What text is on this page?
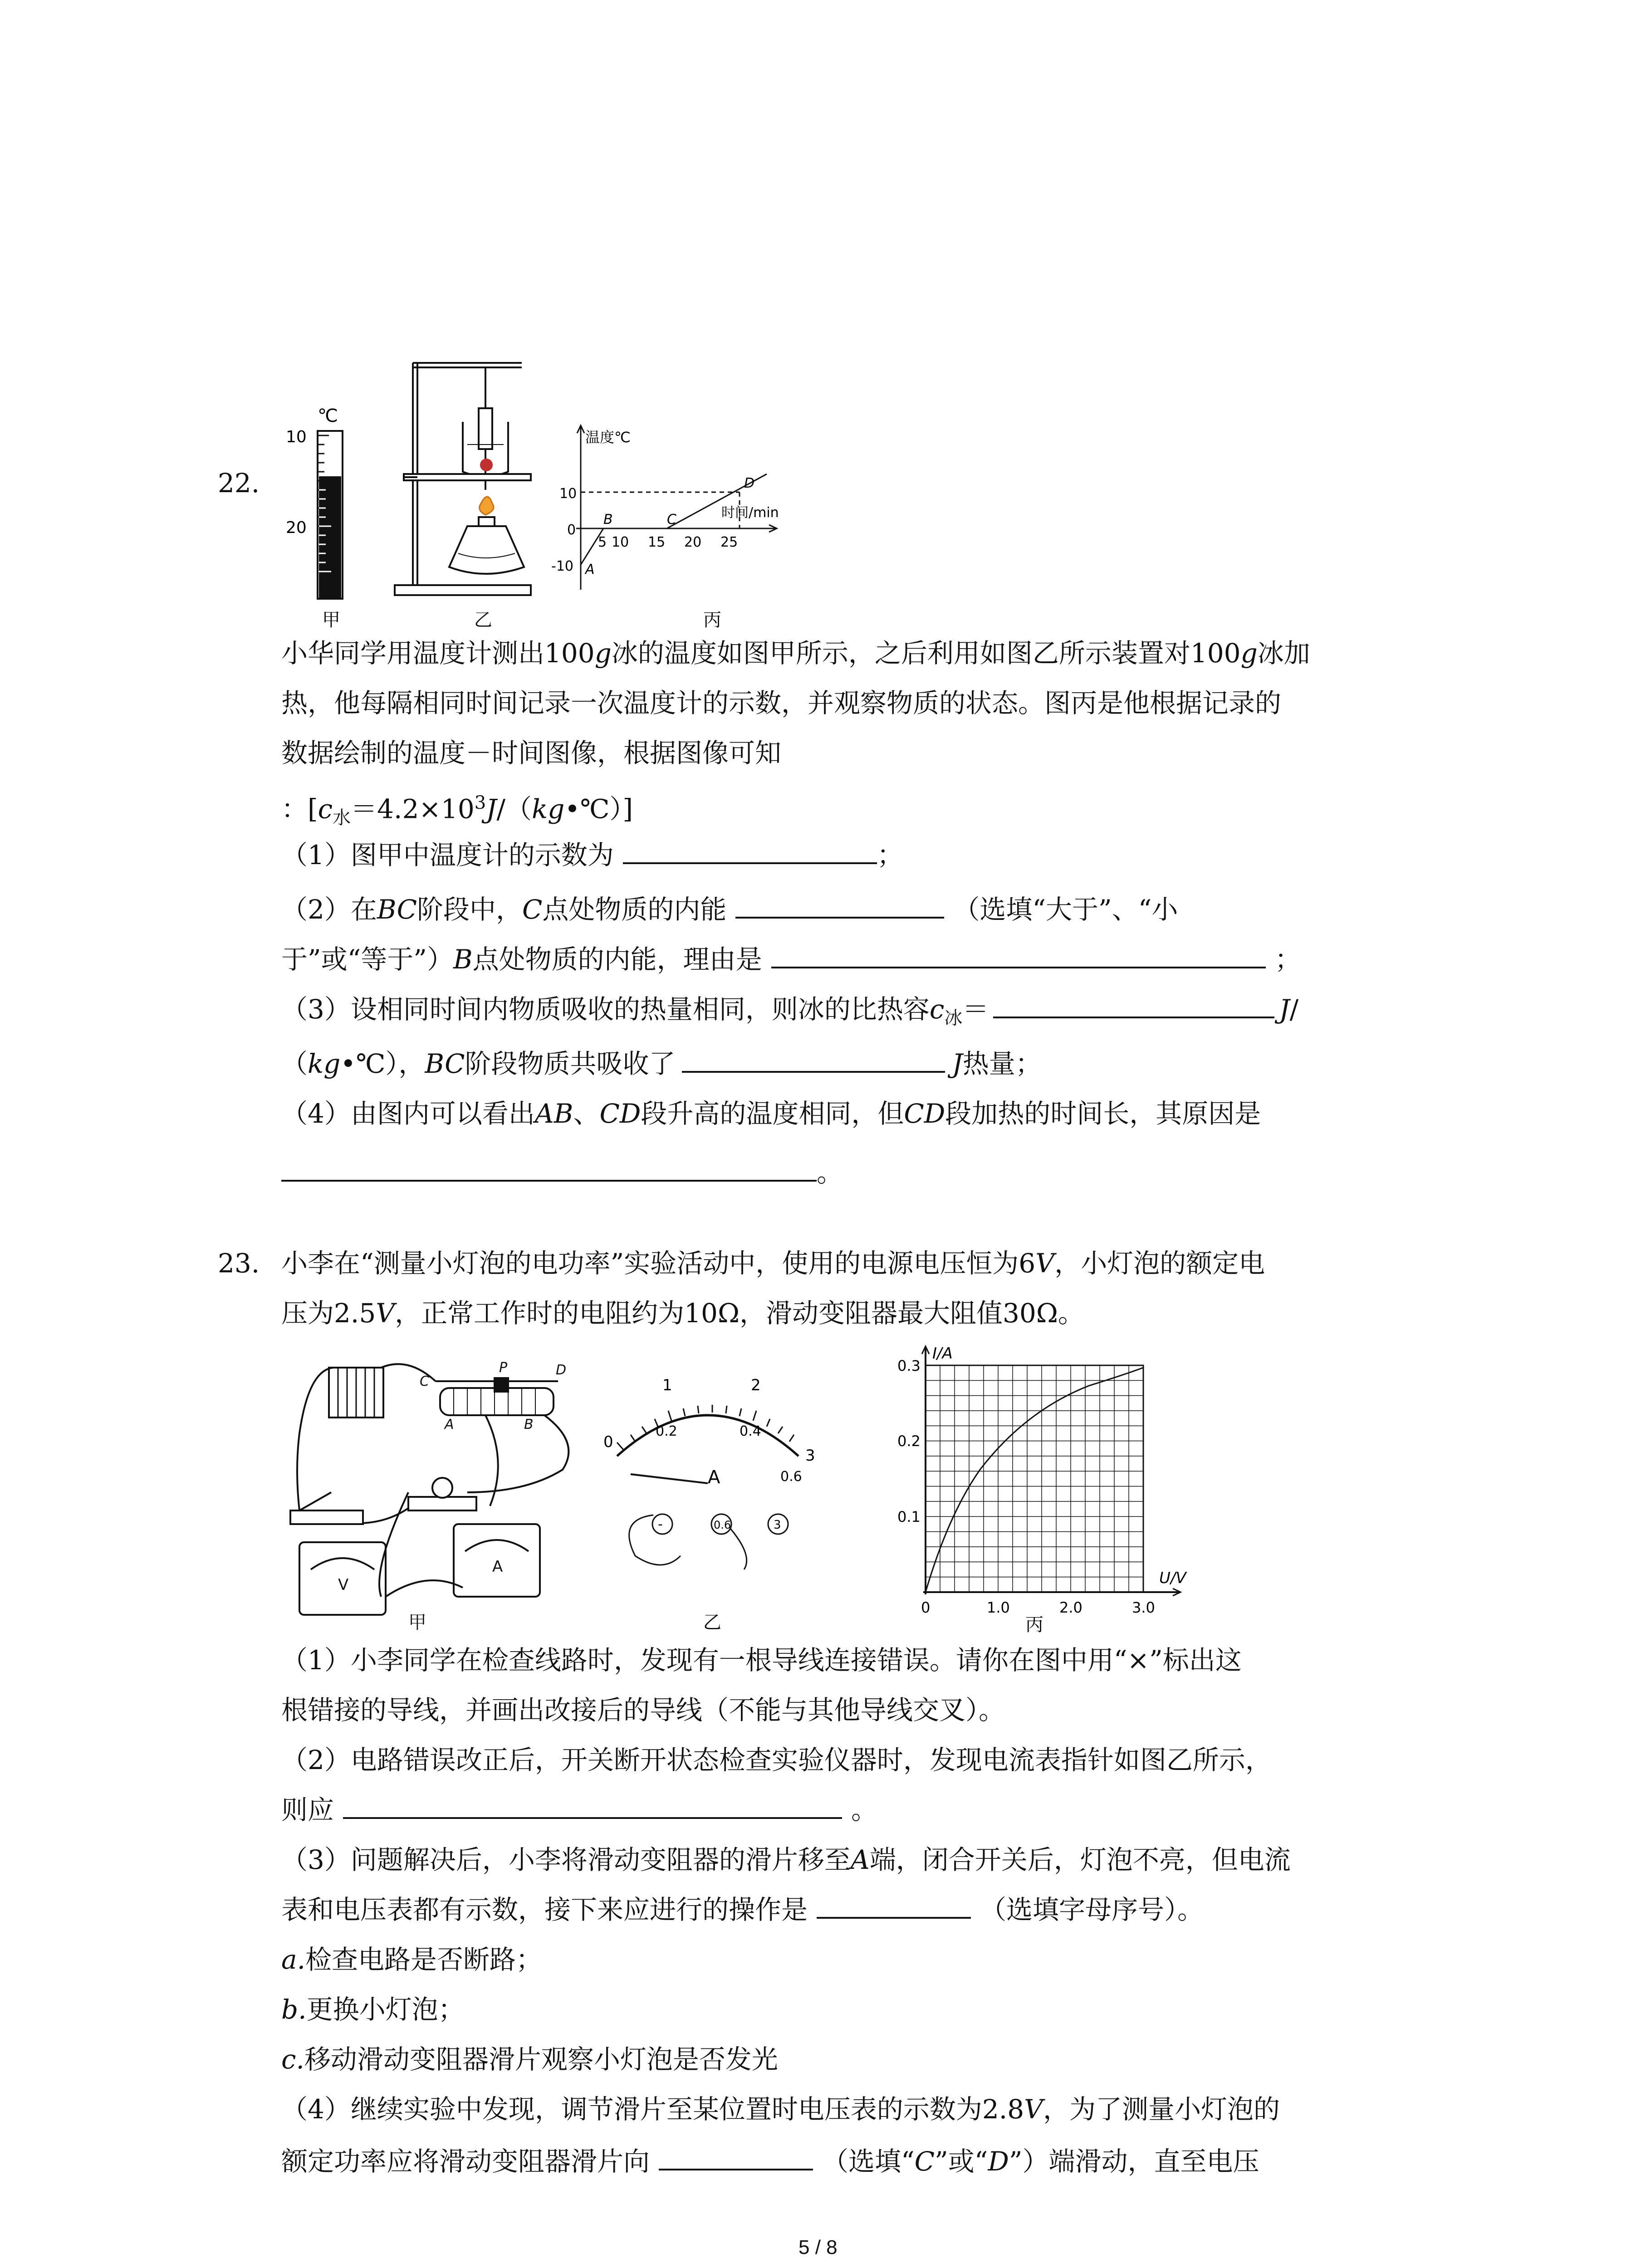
22.
℃
10
20
甲	乙
温度℃
时间/min
10
0
-10
5 10 15 20 25
A
B	C
D
丙
小华同学用温度计测出100g冰的温度如图甲所示，之后利用如图乙所示装置对100g冰加
热，他每隔相同时间记录一次温度计的示数，并观察物质的状态。图丙是他根据记录的
数据绘制的温度－时间图像，根据图像可知
：$[c_水=4.2\times 10^3J/(kg•℃)]$
（1）图甲中温度计的示数为	；
（2）在BC阶段中，C点处物质的内能	（选填“大于”、“小
于”或“等于”）B点处物质的内能，理由是	；
（3）设相同时间内物质吸收的热量相同，则冰的比热容$c_冰=$	J/
（kg•℃），BC阶段物质共吸收了	J热量；
（4）由图内可以看出AB、CD段升高的温度相同，但CD段加热的时间长，其原因是
。
23. 小李在“测量小灯泡的电功率”实验活动中，使用的电源电压恒为6V，小灯泡的额定电
压为2.5V，正常工作时的电阻约为10Ω，滑动变阻器最大阻值30Ω。
C
P	D
A	B
V
A
甲
0
1	2
3
0.2	0.4
0.6
A
-	0.6	3
乙
I/A
U/V
0.3
0.2
0.1
0	1.0	2.0	3.0
丙
（1）小李同学在检查线路时，发现有一根导线连接错误。请你在图中用“×”标出这
根错接的导线，并画出改接后的导线（不能与其他导线交叉）。
（2）电路错误改正后，开关断开状态检查实验仪器时，发现电流表指针如图乙所示，
则应	。
（3）问题解决后，小李将滑动变阻器的滑片移至A端，闭合开关后，灯泡不亮，但电流
表和电压表都有示数，接下来应进行的操作是	（选填字母序号）。
a.检查电路是否断路；
b.更换小灯泡；
c.移动滑动变阻器滑片观察小灯泡是否发光
（4）继续实验中发现，调节滑片至某位置时电压表的示数为2.8V，为了测量小灯泡的
额定功率应将滑动变阻器滑片向	（选填“C”或“D”）端滑动，直至电压
5 / 8
